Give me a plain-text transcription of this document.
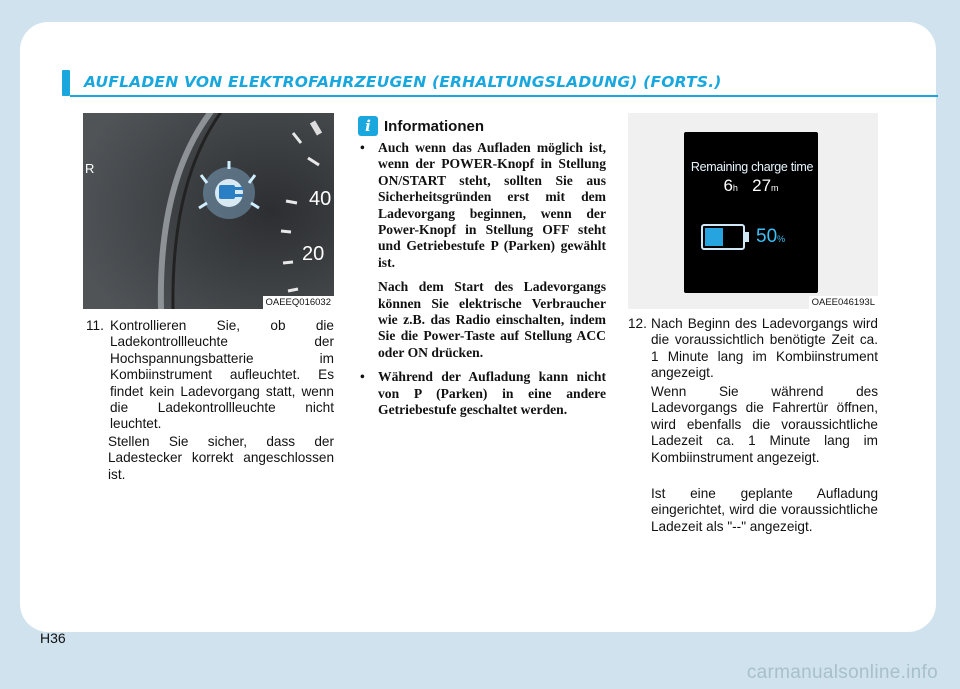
AUFLADEN VON ELEKTROFAHRZEUGEN (ERHALTUNGSLADUNG) (FORTS.)
R
40
20
OAEEQ016032
11. Kontrollieren Sie, ob die Ladekontrollleuchte der Hochspannungsbatterie im Kombiinstrument aufleuchtet. Es findet kein Ladevorgang statt, wenn die Ladekontrollleuchte nicht leuchtet.

Stellen Sie sicher, dass der Ladestecker korrekt angeschlossen ist.

i Informationen
• Auch wenn das Aufladen möglich ist, wenn der POWER-Knopf in Stellung ON/START steht, sollten Sie aus Sicherheitsgründen erst mit dem Ladevorgang beginnen, wenn der Power-Knopf in Stellung OFF steht und Getriebestufe P (Parken) gewählt ist.

Nach dem Start des Ladevorgangs können Sie elektrische Verbraucher wie z.B. das Radio einschalten, indem Sie die Power-Taste auf Stellung ACC oder ON drücken.

• Während der Aufladung kann nicht von P (Parken) in eine andere Getriebestufe geschaltet werden.

Remaining charge time
6h 27m
50%
OAEE046193L
12. Nach Beginn des Ladevorgangs wird die voraussichtlich benötigte Zeit ca. 1 Minute lang im Kombiinstrument angezeigt.

Wenn Sie während des Ladevorgangs die Fahrertür öffnen, wird ebenfalls die voraussichtliche Ladezeit ca. 1 Minute lang im Kombiinstrument angezeigt.

Ist eine geplante Aufladung eingerichtet, wird die voraussichtliche Ladezeit als "--" angezeigt.

H36
carmanualsonline.info
